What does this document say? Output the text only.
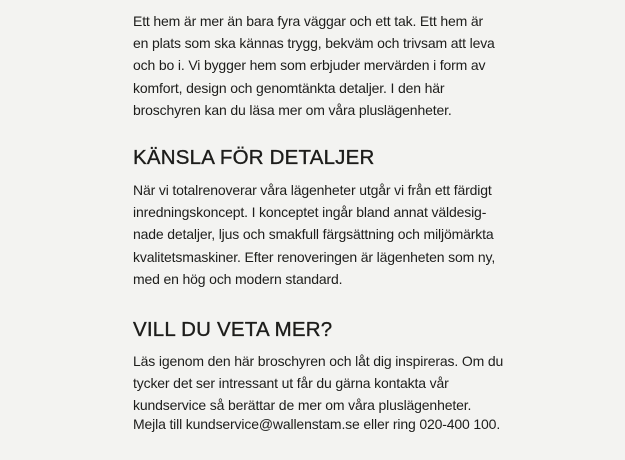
Ett hem är mer än bara fyra väggar och ett tak. Ett hem är
en plats som ska kännas trygg, bekväm och trivsam att leva
och bo i. Vi bygger hem som erbjuder mervärden i form av
komfort, design och genomtänkta detaljer. I den här
broschyren kan du läsa mer om våra pluslägenheter.

KÄNSLA FÖR DETALJER

När vi totalrenoverar våra lägenheter utgår vi från ett färdigt
inredningskoncept. I konceptet ingår bland annat väldesig-
nade detaljer, ljus och smakfull färgsättning och miljömärkta
kvalitetsmaskiner. Efter renoveringen är lägenheten som ny,
med en hög och modern standard.

VILL DU VETA MER?

Läs igenom den här broschyren och låt dig inspireras. Om du
tycker det ser intressant ut får du gärna kontakta vår
kundservice så berättar de mer om våra pluslägenheter.

Mejla till kundservice@wallenstam.se eller ring 020-400 100.
